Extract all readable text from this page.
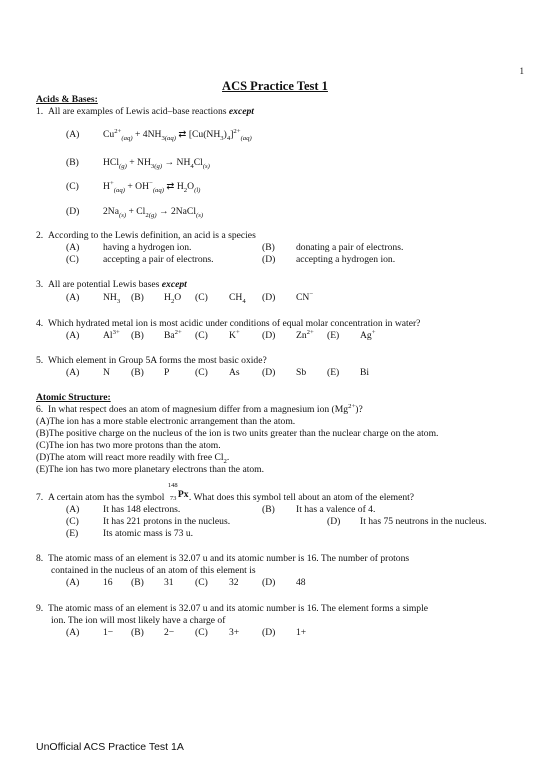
1
ACS Practice Test 1
Acids & Bases:
1. All are examples of Lewis acid–base reactions except
(A) $Cu^{2+}_{(aq)} + 4NH_{3(aq)}$ ⇄ $[Cu(NH_3)_4]^{2+}_{(aq)}$
(B)	$HCl_{(g)} + NH_{3(g)} \to NH_4Cl_{(s)}$
(C)	$H^+_{(aq)} + OH^-_{(aq)}$ ⇄ $H_2O_{(l)}$
(D) $2Na_{(s)} + Cl_{2(g)}$ → 2NaCl$_{(s)}$
2. According to the Lewis definition, an acid is a species
(A) having a hydrogen ion.	(B) donating a pair of electrons.
(C)	accepting a pair of electrons.	(D) accepting a hydrogen ion.
3. All are potential Lewis bases except
(A) $NH_3$ (B) $H_2O$ (C) $CH_4$ (D) CN−
4. Which hydrated metal ion is most acidic under conditions of equal molar concentration in water?
(A) $Al^{3+}$ (B) $Ba^{2+}$ (C) K+ (D) $Zn^{2+}$ (E) Ag+
5. Which element in Group 5A forms the most basic oxide?
(A) N (B) P	(C) As (D) Sb (E) Bi
Atomic Structure:
6. In what respect does an atom of magnesium differ from a magnesium ion $(Mg^{2+})$?
(A)The ion has a more stable electronic arrangement than the atom.
(B)The positive charge on the nucleus of the ion is two units greater than the nuclear charge on the atom.
(C)The ion has two more protons than the atom.
(D)The atom will react more readily with free $Cl_2$.
(E)The ion has two more planetary electrons than the atom.
7. A certain atom has the symbol
148
73 Px . What does this symbol tell about an atom of the element?
(A) It has 148 electrons.	(B) It has a valence of 4.
(C)	It has 221 protons in the nucleus.	(D) It has 75 neutrons in the nucleus.
(E)	Its atomic mass is 73 u.
8. The atomic mass of an element is 32.07 u and its atomic number is 16. The number of protons
contained in the nucleus of an atom of this element is
(A) 16 (B) 31 (C) 32 (D) 48
9. The atomic mass of an element is 32.07 u and its atomic number is 16. The element forms a simple
ion. The ion will most likely have a charge of
(A) 1− (B) 2− (C) 3+ (D) 1+
UnOfficial ACS Practice Test 1A
